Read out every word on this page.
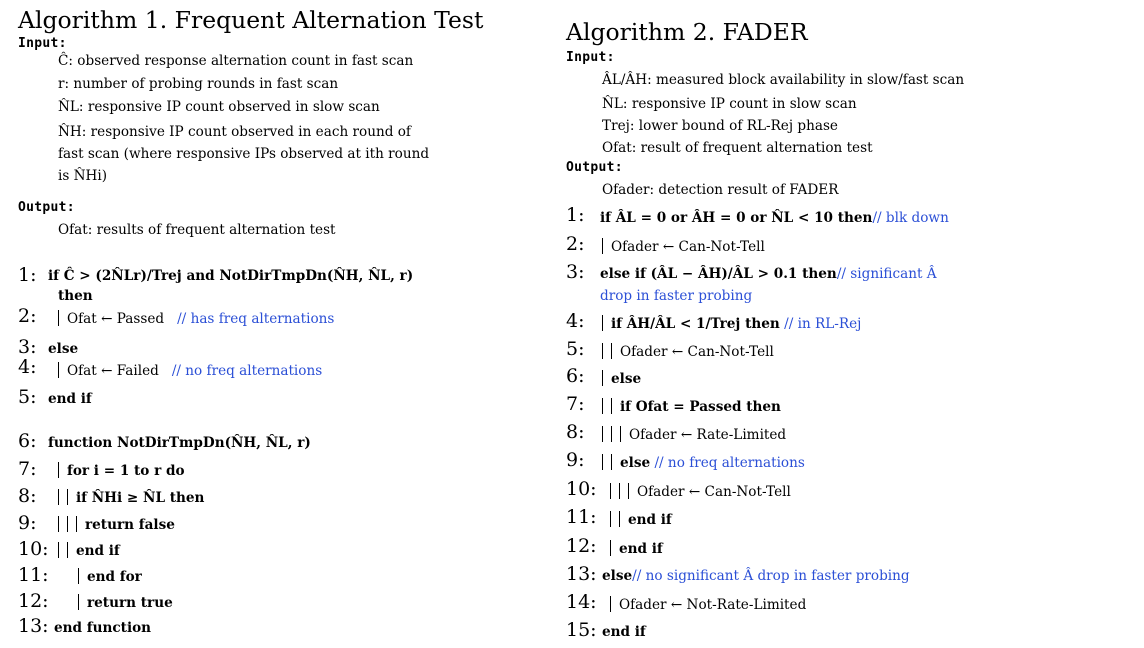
Algorithm 1. Frequent Alternation Test
Input:
Ĉ: observed response alternation count in fast scan
r: number of probing rounds in fast scan
N̂L: responsive IP count observed in slow scan
N̂H: responsive IP count observed in each round of
fast scan (where responsive IPs observed at ith round
is N̂Hi)
Output:
Ofat: results of frequent alternation test
1: if Ĉ > (2N̂Lr)/Trej and NotDirTmpDn(N̂H, N̂L, r)
then
2:	Ofat ← Passed // has freq alternations
3: else
4:	Ofat ← Failed // no freq alternations
5: end if
6: function NotDirTmpDn(N̂H, N̂L, r)
7:	for i = 1 to r do
8:	if N̂Hi ≥ N̂L then
9:	return false
10:	end if
11:	end for
12:	return true
13: end function
Algorithm 2. FADER
Input:
ÂL/ÂH: measured block availability in slow/fast scan
N̂L: responsive IP count in slow scan
Trej: lower bound of RL-Rej phase
Ofat: result of frequent alternation test
Output:
Ofader: detection result of FADER
1: if ÂL = 0 or ÂH = 0 or N̂L < 10 then// blk down
2:	Ofader ← Can-Not-Tell
3: else if (ÂL − ÂH)/ÂL > 0.1 then// significant Â
drop in faster probing
4:	if ÂH/ÂL < 1/Trej then // in RL-Rej
5:	Ofader ← Can-Not-Tell
6:	else
7:	if Ofat = Passed then
8:	Ofader ← Rate-Limited
9:	else // no freq alternations
10:	Ofader ← Can-Not-Tell
11:	end if
12:	end if
13: else// no significant Â drop in faster probing
14:	Ofader ← Not-Rate-Limited
15: end if
